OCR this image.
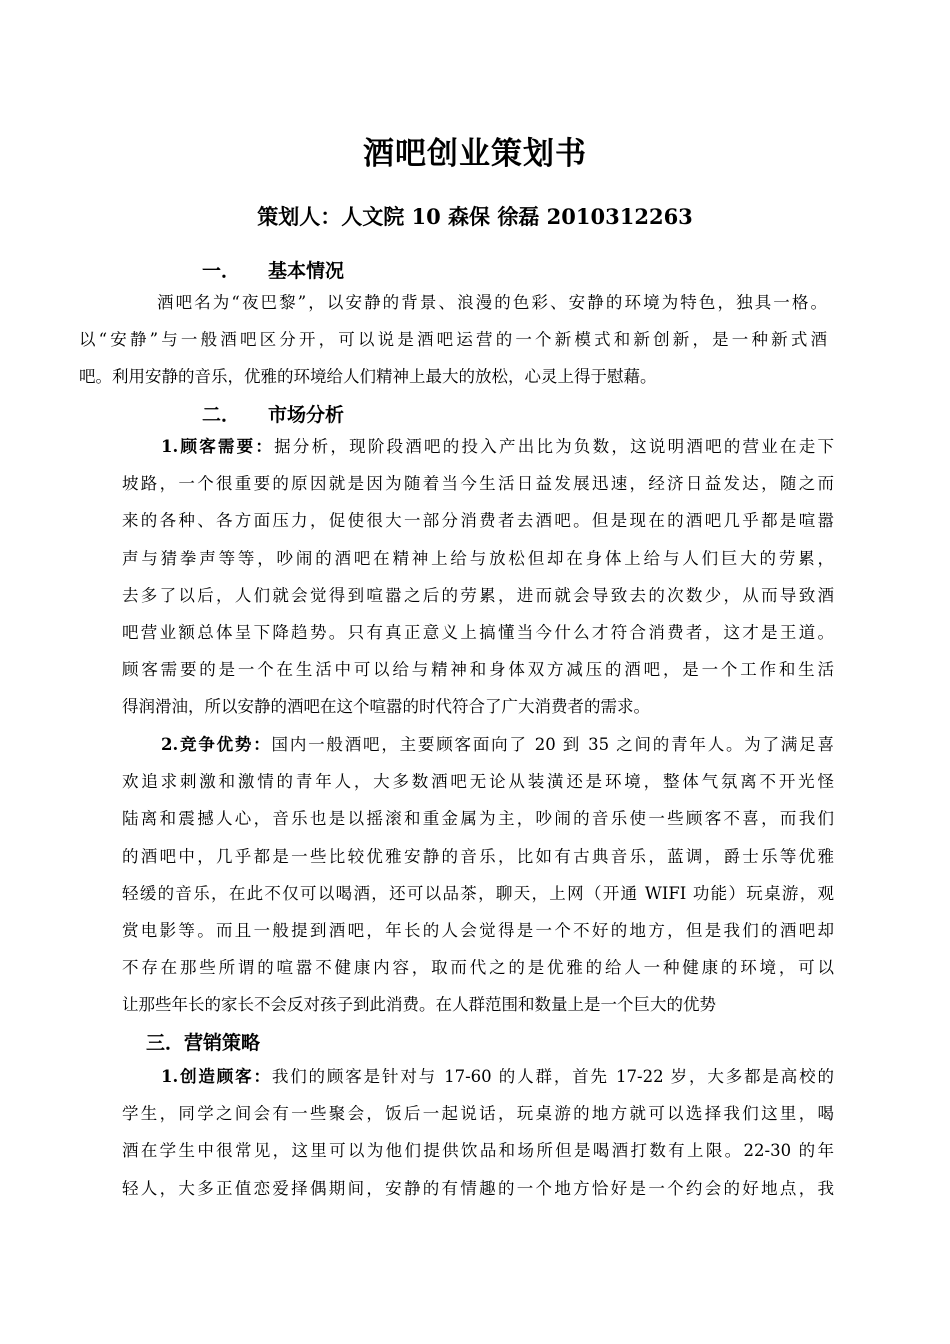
酒吧创业策划书
策划人：人文院 10 森保 徐磊 2010312263
一． 基本情况
酒吧名为“夜巴黎”，以安静的背景、浪漫的色彩、安静的环境为特色，独具一格。
以“安静”与一般酒吧区分开，可以说是酒吧运营的一个新模式和新创新，是一种新式酒
吧。利用安静的音乐，优雅的环境给人们精神上最大的放松，心灵上得于慰藉。
二． 市场分析
1.顾客需要：据分析，现阶段酒吧的投入产出比为负数，这说明酒吧的营业在走下
坡路，一个很重要的原因就是因为随着当今生活日益发展迅速，经济日益发达，随之而
来的各种、各方面压力，促使很大一部分消费者去酒吧。但是现在的酒吧几乎都是喧嚣
声与猜拳声等等，吵闹的酒吧在精神上给与放松但却在身体上给与人们巨大的劳累，
去多了以后，人们就会觉得到喧嚣之后的劳累，进而就会导致去的次数少，从而导致酒
吧营业额总体呈下降趋势。只有真正意义上搞懂当今什么才符合消费者，这才是王道。
顾客需要的是一个在生活中可以给与精神和身体双方减压的酒吧，是一个工作和生活
得润滑油，所以安静的酒吧在这个喧嚣的时代符合了广大消费者的需求。
2.竞争优势：国内一般酒吧，主要顾客面向了 20 到 35 之间的青年人。为了满足喜
欢追求刺激和激情的青年人，大多数酒吧无论从装潢还是环境，整体气氛离不开光怪
陆离和震撼人心，音乐也是以摇滚和重金属为主，吵闹的音乐使一些顾客不喜，而我们
的酒吧中，几乎都是一些比较优雅安静的音乐，比如有古典音乐，蓝调，爵士乐等优雅
轻缓的音乐，在此不仅可以喝酒，还可以品茶，聊天，上网（开通 WIFI 功能）玩桌游，观
赏电影等。而且一般提到酒吧，年长的人会觉得是一个不好的地方，但是我们的酒吧却
不存在那些所谓的喧嚣不健康内容，取而代之的是优雅的给人一种健康的环境，可以
让那些年长的家长不会反对孩子到此消费。在人群范围和数量上是一个巨大的优势
三．营销策略
1.创造顾客：我们的顾客是针对与 17-60 的人群，首先 17-22 岁，大多都是高校的
学生，同学之间会有一些聚会，饭后一起说话，玩桌游的地方就可以选择我们这里，喝
酒在学生中很常见，这里可以为他们提供饮品和场所但是喝酒打数有上限。22-30 的年
轻人，大多正值恋爱择偶期间，安静的有情趣的一个地方恰好是一个约会的好地点，我
